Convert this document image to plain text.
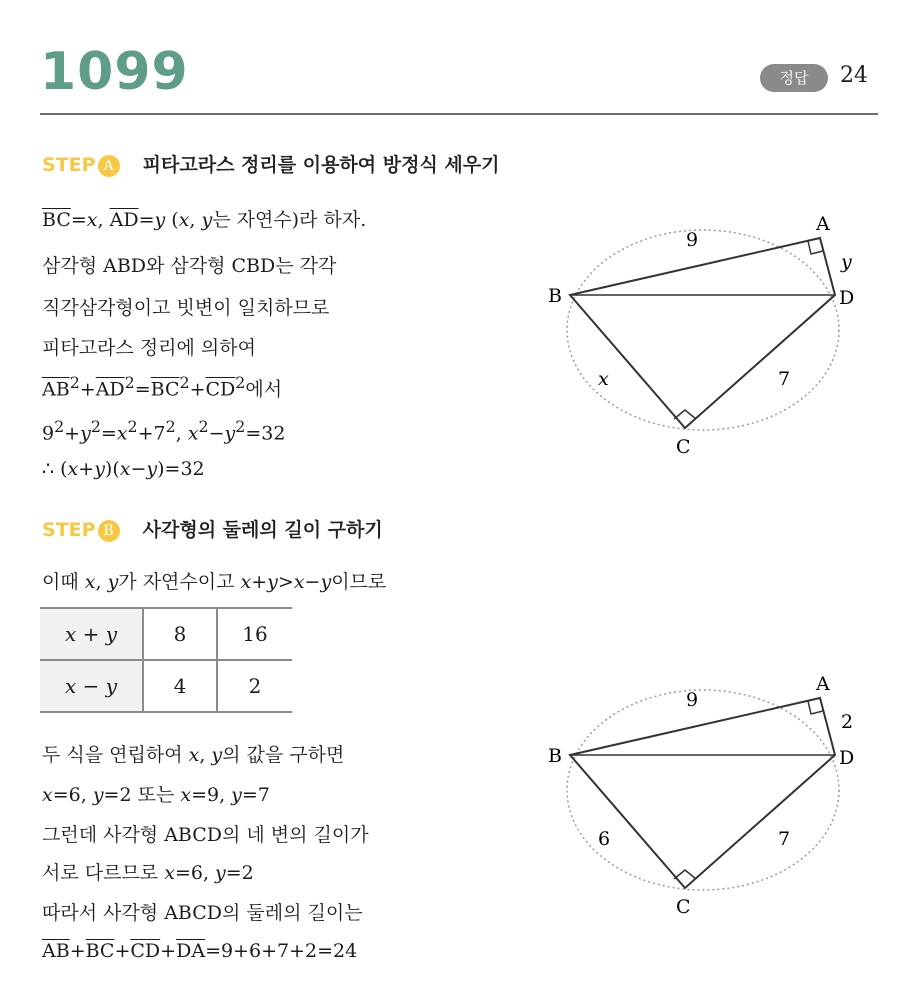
1099	정답	24
STEP A 피타고라스 정리를 이용하여 방정식 세우기
$\overline{BC}=x$, $\overline{AD}=y$ (x, y는 자연수)라 하자.
삼각형 ABD와 삼각형 CBD는 각각
직각삼각형이고 빗변이 일치하므로
피타고라스 정리에 의하여
$\overline{AB}^2+\overline{AD}^2=\overline{BC}^2+\overline{CD}^2$에서
$9^2+y^2=x^2+7^2$, $x^2-y^2=32$
∴ (x+y)(x−y)=32
A
B
C
D
9
y
x	7
STEP B 사각형의 둘레의 길이 구하기
이때 x, y가 자연수이고 x+y>x−y이므로
x + y	8	16
x − y	4	2
두 식을 연립하여 x, y의 값을 구하면
x=6, y=2 또는 x=9, y=7
그런데 사각형 ABCD의 네 변의 길이가
서로 다르므로 x=6, y=2
따라서 사각형 ABCD의 둘레의 길이는
$\overline{AB}+\overline{BC}+\overline{CD}+\overline{DA}=9+6+7+2=24$
A
B
C
D
9
2
6	7
